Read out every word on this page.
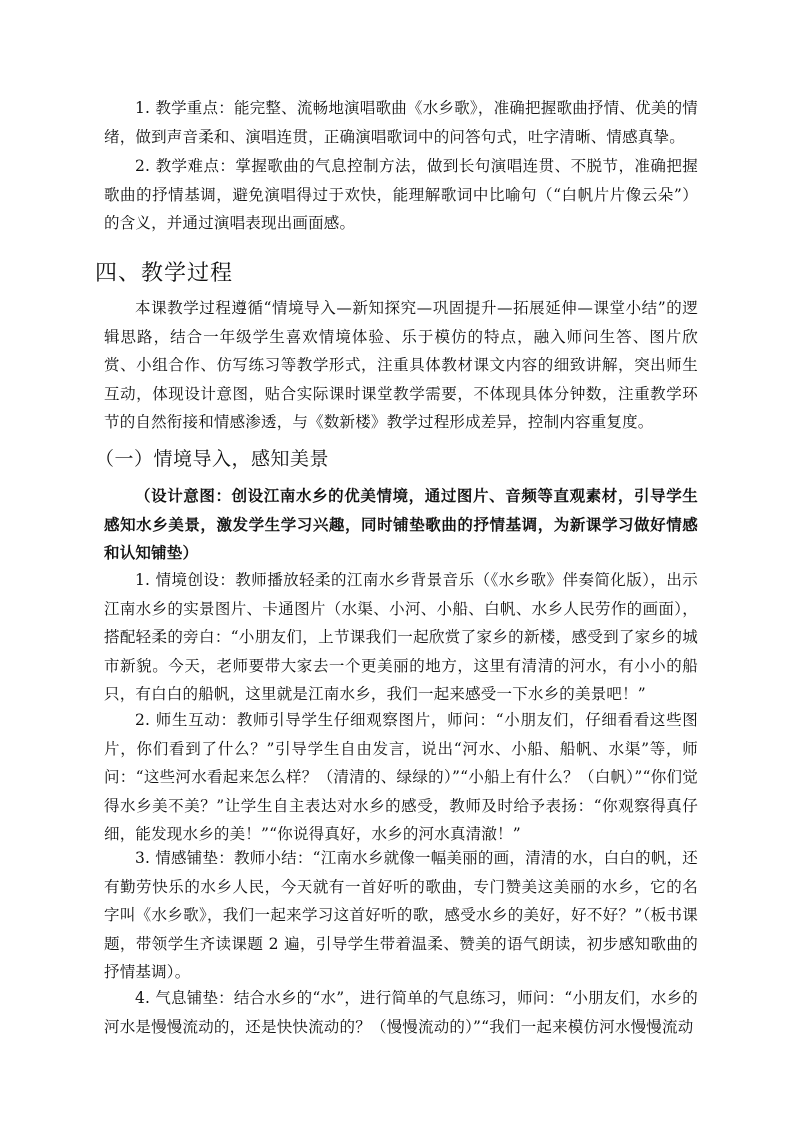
1. 教学重点：能完整、流畅地演唱歌曲《水乡歌》，准确把握歌曲抒情、优美的情绪，做到声音柔和、演唱连贯，正确演唱歌词中的问答句式，吐字清晰、情感真挚。

2. 教学难点：掌握歌曲的气息控制方法，做到长句演唱连贯、不脱节，准确把握歌曲的抒情基调，避免演唱得过于欢快，能理解歌词中比喻句（“白帆片片像云朵”）的含义，并通过演唱表现出画面感。

四、教学过程

本课教学过程遵循“情境导入—新知探究—巩固提升—拓展延伸—课堂小结”的逻辑思路，结合一年级学生喜欢情境体验、乐于模仿的特点，融入师问生答、图片欣赏、小组合作、仿写练习等教学形式，注重具体教材课文内容的细致讲解，突出师生互动，体现设计意图，贴合实际课时课堂教学需要，不体现具体分钟数，注重教学环节的自然衔接和情感渗透，与《数新楼》教学过程形成差异，控制内容重复度。

（一）情境导入，感知美景

（设计意图：创设江南水乡的优美情境，通过图片、音频等直观素材，引导学生感知水乡美景，激发学生学习兴趣，同时铺垫歌曲的抒情基调，为新课学习做好情感和认知铺垫）

1. 情境创设：教师播放轻柔的江南水乡背景音乐（《水乡歌》伴奏简化版），出示江南水乡的实景图片、卡通图片（水渠、小河、小船、白帆、水乡人民劳作的画面），搭配轻柔的旁白：“小朋友们，上节课我们一起欣赏了家乡的新楼，感受到了家乡的城市新貌。今天，老师要带大家去一个更美丽的地方，这里有清清的河水，有小小的船只，有白白的船帆，这里就是江南水乡，我们一起来感受一下水乡的美景吧！”

2. 师生互动：教师引导学生仔细观察图片，师问：“小朋友们，仔细看看这些图片，你们看到了什么？”引导学生自由发言，说出“河水、小船、船帆、水渠”等，师问：“这些河水看起来怎么样？（清清的、绿绿的）”“小船上有什么？（白帆）”“你们觉得水乡美不美？”让学生自主表达对水乡的感受，教师及时给予表扬：“你观察得真仔细，能发现水乡的美！”“你说得真好，水乡的河水真清澈！”

3. 情感铺垫：教师小结：“江南水乡就像一幅美丽的画，清清的水，白白的帆，还有勤劳快乐的水乡人民，今天就有一首好听的歌曲，专门赞美这美丽的水乡，它的名字叫《水乡歌》，我们一起来学习这首好听的歌，感受水乡的美好，好不好？”（板书课题，带领学生齐读课题 2 遍，引导学生带着温柔、赞美的语气朗读，初步感知歌曲的抒情基调）。

4. 气息铺垫：结合水乡的“水”，进行简单的气息练习，师问：“小朋友们，水乡的河水是慢慢流动的，还是快快流动的？（慢慢流动的）”“我们一起来模仿河水慢慢流动
